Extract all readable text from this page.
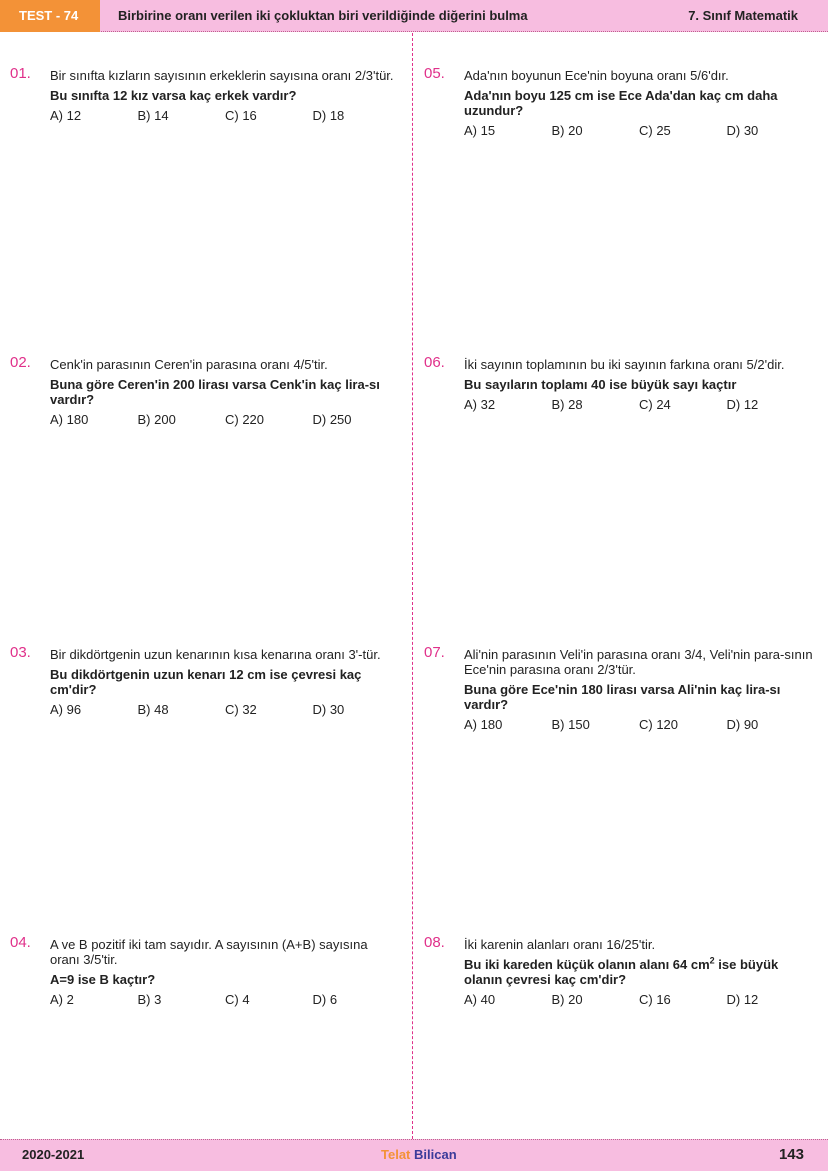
TEST - 74	Birbirine oranı verilen iki çokluktan biri verildiğinde diğerini bulma	7. Sınıf Matematik
01. Bir sınıfta kızların sayısının erkeklerin sayısına oranı 2/3'tür.
Bu sınıfta 12 kız varsa kaç erkek vardır?
A) 12	B) 14	C) 16	D) 18
02. Cenk'in parasının Ceren'in parasına oranı 4/5'tir.
Buna göre Ceren'in 200 lirası varsa Cenk'in kaç lira-sı vardır?
A) 180	B) 200	C) 220	D) 250
03. Bir dikdörtgenin uzun kenarının kısa kenarına oranı 3'-tür.
Bu dikdörtgenin uzun kenarı 12 cm ise çevresi kaç cm'dir?
A) 96	B) 48	C) 32	D) 30
04. A ve B pozitif iki tam sayıdır. A sayısının (A+B) sayısına oranı 3/5'tir.
A=9 ise B kaçtır?
A) 2	B) 3	C) 4	D) 6
05. Ada'nın boyunun Ece'nin boyuna oranı 5/6'dır.
Ada'nın boyu 125 cm ise Ece Ada'dan kaç cm daha uzundur?
A) 15	B) 20	C) 25	D) 30
06. İki sayının toplamının bu iki sayının farkına oranı 5/2'dir.
Bu sayıların toplamı 40 ise büyük sayı kaçtır
A) 32	B) 28	C) 24	D) 12
07. Ali'nin parasının Veli'in parasına oranı 3/4, Veli'nin para-sının Ece'nin parasına oranı 2/3'tür.
Buna göre Ece'nin 180 lirası varsa Ali'nin kaç lira-sı vardır?
A) 180	B) 150	C) 120	D) 90
08. İki karenin alanları oranı 16/25'tir.
Bu iki kareden küçük olanın alanı 64 $cm^2$ ise büyük olanın çevresi kaç cm'dir?
A) 40	B) 20	C) 16	D) 12
2020-2021	Telat Bilican	143
